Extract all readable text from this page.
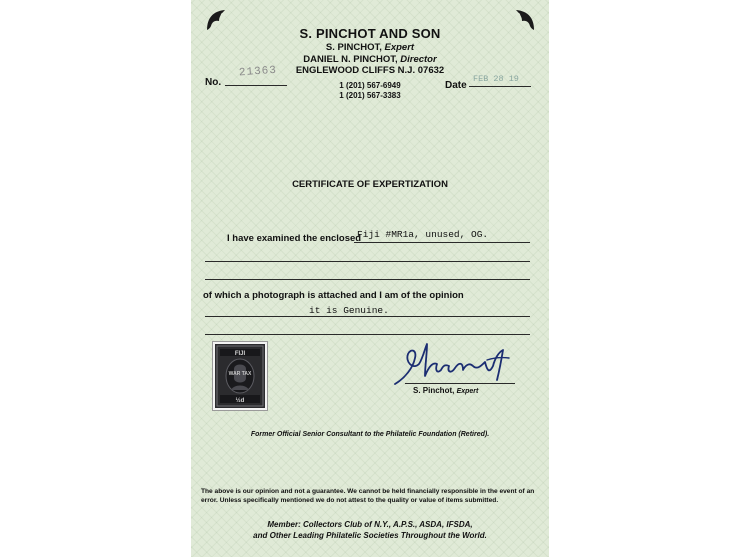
S. PINCHOT AND SON
S. PINCHOT, Expert
DANIEL N. PINCHOT, Director
ENGLEWOOD CLIFFS N.J. 07632
1 (201) 567-6949
1 (201) 567-3383
No.
21363
Date
FEB 28 19
CERTIFICATE OF EXPERTIZATION
I have examined the enclosed
Fiji #MR1a, unused, OG.
of which a photograph is attached and I am of the opinion
it is Genuine.
FIJI
WAR TAX
½d
S. Pinchot, Expert
Former Official Senior Consultant to the Philatelic Foundation (Retired).
The above is our opinion and not a guarantee. We cannot be held financially responsible in the event of an error. Unless specifically mentioned we do not attest to the quality or value of items submitted.
Member: Collectors Club of N.Y., A.P.S., ASDA, IFSDA,
and Other Leading Philatelic Societies Throughout the World.
